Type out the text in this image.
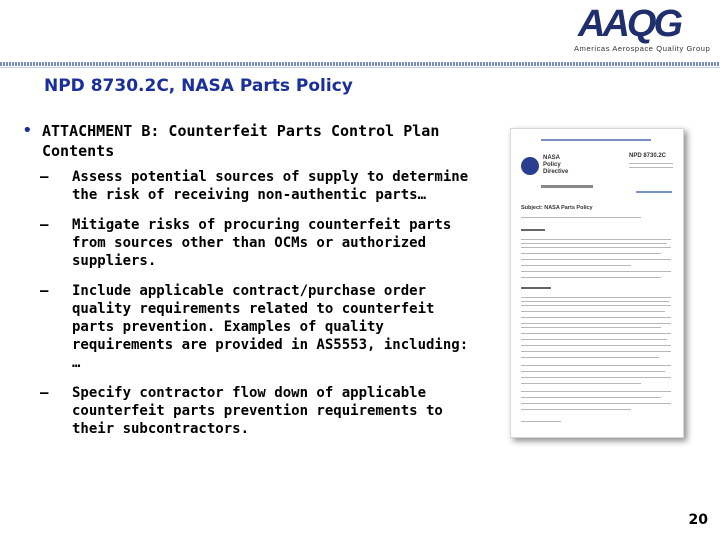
AAQG
Americas Aerospace Quality Group
NPD 8730.2C, NASA Parts Policy
• ATTACHMENT B: Counterfeit Parts Control Plan Contents
– Assess potential sources of supply to determine the risk of receiving non-authentic parts…
– Mitigate risks of procuring counterfeit parts from sources other than OCMs or authorized suppliers.
– Include applicable contract/purchase order quality requirements related to counterfeit parts prevention. Examples of quality requirements are provided in AS5553, including: …
– Specify contractor flow down of applicable counterfeit parts prevention requirements to their subcontractors.
NASA
Policy
Directive
NPD 8730.2C
Subject: NASA Parts Policy
20
